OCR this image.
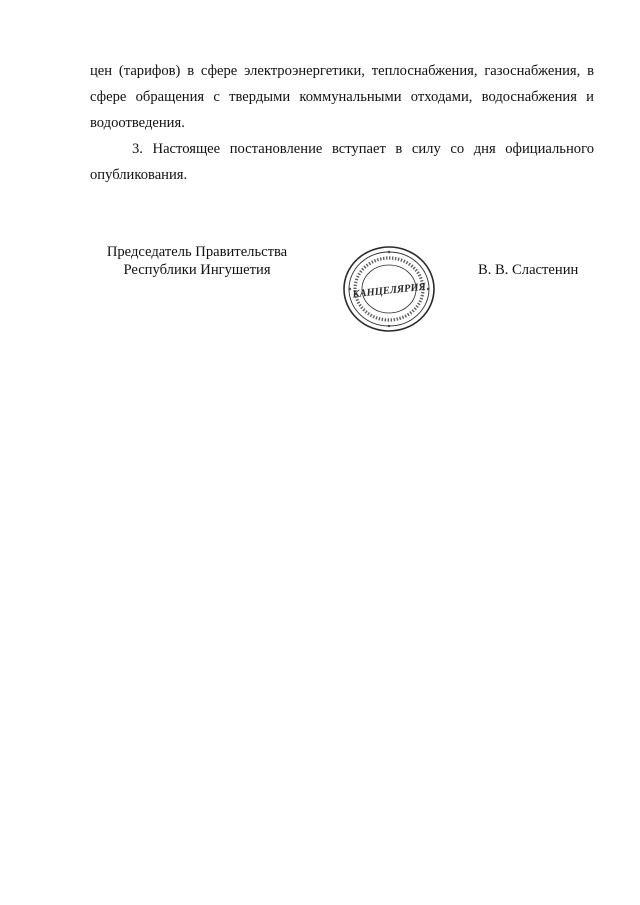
цен (тарифов) в сфере электроэнергетики, теплоснабжения, газоснабжения, в сфере обращения с твердыми коммунальными отходами, водоснабжения и водоотведения.

3. Настоящее постановление вступает в силу со дня официального опубликования.

Председатель Правительства
Республики Ингушетия
КАНЦЕЛЯРИЯ
В. В. Сластенин
